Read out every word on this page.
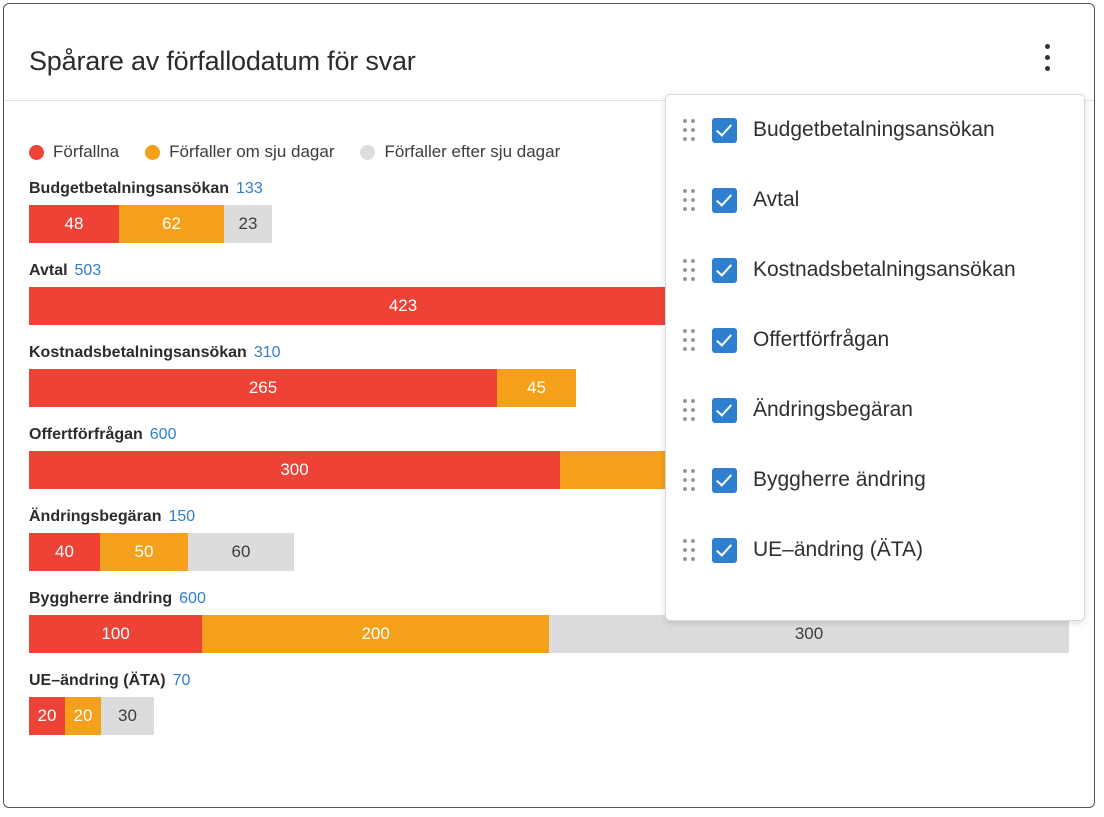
Spårare av förfallodatum för svar
Förfallna	Förfaller om sju dagar	Förfaller efter sju dagar
Budgetbetalningsansökan 133
48	62	23
Avtal 503
423
Kostnadsbetalningsansökan 310
265	45
Offertförfrågan 600
300
Ändringsbegäran 150
40	50	60
Byggherre ändring 600
100	200	300
UE–ändring (ÄTA) 70
20	20	30
Budgetbetalningsansökan
Avtal
Kostnadsbetalningsansökan
Offertförfrågan
Ändringsbegäran
Byggherre ändring
UE–ändring (ÄTA)
